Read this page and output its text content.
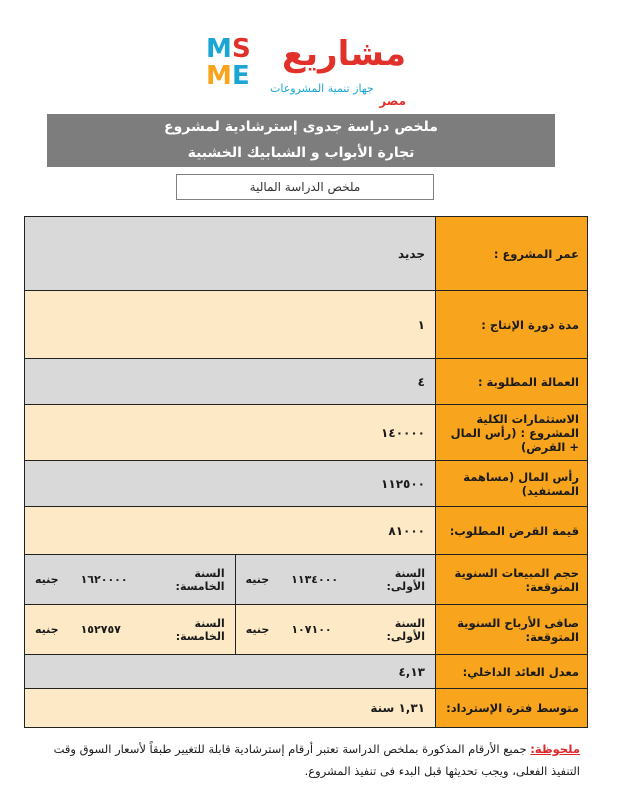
M S
M E
مشاريع مصر
جهاز تنمية المشروعات
ملخص دراسة جدوى إسترشادية لمشروع
تجارة الأبواب و الشبابيك الخشبية
ملخص الدراسة المالية
عمر المشروع :
جديد
مدة دورة الإنتاج :
١
العمالة المطلوبة :
٤
الاستثمارات الكلية المشروع : (رأس المال + القرض)
١٤٠٠٠٠
رأس المال (مساهمة المستفيد)
١١٢٥٠٠
قيمة القرض المطلوب:
٨١٠٠٠
حجم المبيعات السنوية المتوقعة:
السنة الأولى:
١١٣٤٠٠٠
جنيه
السنة الخامسة:
١٦٢٠٠٠٠
جنيه
صافى الأرباح السنوية المتوقعة:
السنة الأولى:
١٠٧١٠٠
جنيه
السنة الخامسة:
١٥٢٧٥٧
جنيه
معدل العائد الداخلي:
٤,١٣
متوسط فترة الإسترداد:
١,٣١ سنة
ملحوظة: جميع الأرقام المذكورة بملخص الدراسة تعتبر أرقام إسترشادية قابلة للتغيير طبقاً لأسعار السوق وقت التنفيذ الفعلى، ويجب تحديثها قبل البدء فى تنفيذ المشروع.
